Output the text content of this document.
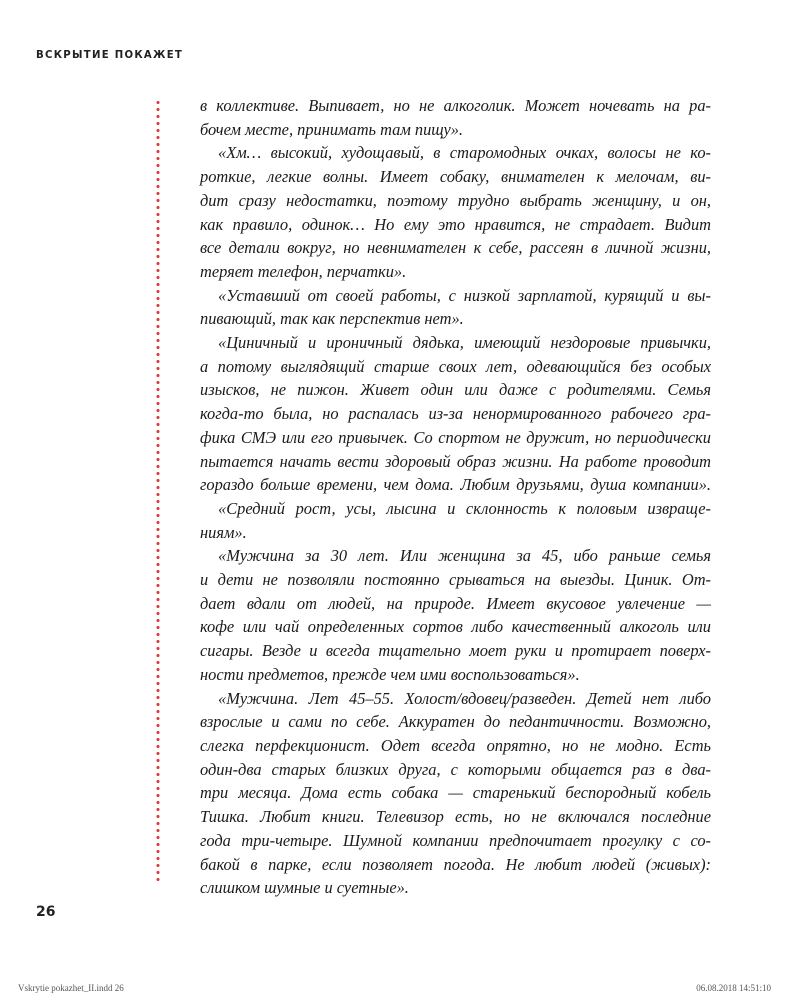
ВСКРЫТИЕ ПОКАЖЕТ

в коллективе. Выпивает, но не алкоголик. Может ночевать на ра-

бочем месте, принимать там пищу».

«Хм… высокий, худощавый, в старомодных очках, волосы не ко-

роткие, легкие волны. Имеет собаку, внимателен к мелочам, ви-

дит сразу недостатки, поэтому трудно выбрать женщину, и он,

как правило, одинок… Но ему это нравится, не страдает. Видит

все детали вокруг, но невнимателен к себе, рассеян в личной жизни,

теряет телефон, перчатки».

«Уставший от своей работы, с низкой зарплатой, курящий и вы-

пивающий, так как перспектив нет».

«Циничный и ироничный дядька, имеющий нездоровые привычки,

а потому выглядящий старше своих лет, одевающийся без особых

изысков, не пижон. Живет один или даже с родителями. Семья

когда-то была, но распалась из-за ненормированного рабочего гра-

фика СМЭ или его привычек. Со спортом не дружит, но периодически

пытается начать вести здоровый образ жизни. На работе проводит

гораздо больше времени, чем дома. Любим друзьями, душа компании».

«Средний рост, усы, лысина и склонность к половым извраще-

ниям».

«Мужчина за 30 лет. Или женщина за 45, ибо раньше семья

и дети не позволяли постоянно срываться на выезды. Циник. От-

дает вдали от людей, на природе. Имеет вкусовое увлечение —

кофе или чай определенных сортов либо качественный алкоголь или

сигары. Везде и всегда тщательно моет руки и протирает поверх-

ности предметов, прежде чем ими воспользоваться».

«Мужчина. Лет 45–55. Холост/вдовец/разведен. Детей нет либо

взрослые и сами по себе. Аккуратен до педантичности. Возможно,

слегка перфекционист. Одет всегда опрятно, но не модно. Есть

один-два старых близких друга, с которыми общается раз в два-

три месяца. Дома есть собака — старенький беспородный кобель

Тишка. Любит книги. Телевизор есть, но не включался последние

года три-четыре. Шумной компании предпочитает прогулку с со-

бакой в парке, если позволяет погода. Не любит людей (живых):

слишком шумные и суетные».

26
Vskrytie pokazhet_II.indd 26	06.08.2018 14:51:10
